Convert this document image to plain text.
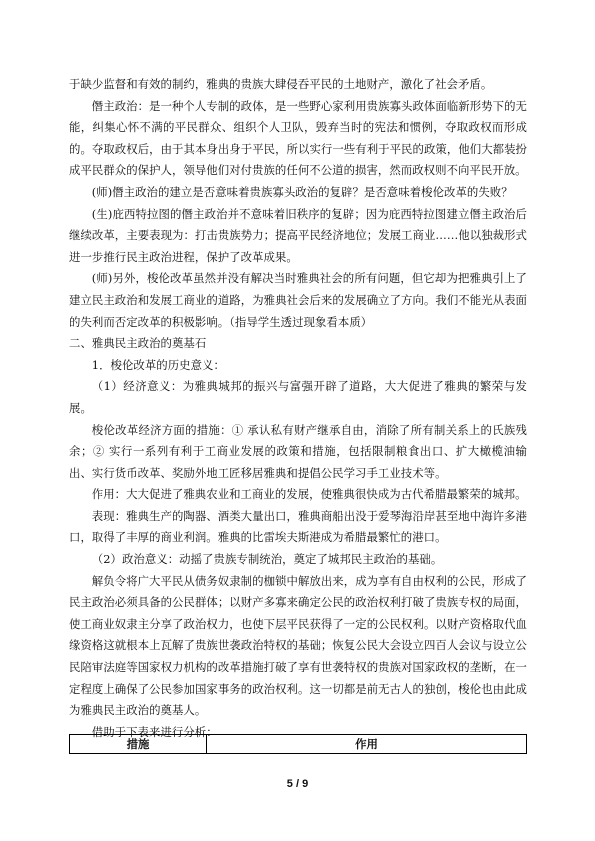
于缺少监督和有效的制约，雅典的贵族大肆侵吞平民的土地财产，激化了社会矛盾。

僭主政治：是一种个人专制的政体，是一些野心家利用贵族寡头政体面临新形势下的无能，纠集心怀不满的平民群众、组织个人卫队，毁弃当时的宪法和惯例，夺取政权而形成的。夺取政权后，由于其本身出身于平民，所以实行一些有利于平民的政策，他们大都装扮成平民群众的保护人，领导他们对付贵族的任何不公道的损害，然而政权则不向平民开放。

(师)僭主政治的建立是否意味着贵族寡头政治的复辟？是否意味着梭伦改革的失败？

(生)庇西特拉图的僭主政治并不意味着旧秩序的复辟；因为庇西特拉图建立僭主政治后继续改革，主要表现为：打击贵族势力；提高平民经济地位；发展工商业……他以独裁形式进一步推行民主政治进程，保护了改革成果。

(师)另外，梭伦改革虽然并没有解决当时雅典社会的所有问题，但它却为把雅典引上了建立民主政治和发展工商业的道路，为雅典社会后来的发展确立了方向。我们不能光从表面的失利而否定改革的积极影响。（指导学生透过现象看本质）

二、雅典民主政治的奠基石

1．梭伦改革的历史意义：

（1）经济意义：为雅典城邦的振兴与富强开辟了道路，大大促进了雅典的繁荣与发展。

梭伦改革经济方面的措施：① 承认私有财产继承自由，消除了所有制关系上的氏族残余；② 实行一系列有利于工商业发展的政策和措施，包括限制粮食出口、扩大橄榄油输出、实行货币改革、奖励外地工匠移居雅典和提倡公民学习手工业技术等。

作用：大大促进了雅典农业和工商业的发展，使雅典很快成为古代希腊最繁荣的城邦。

表现：雅典生产的陶器、酒类大量出口，雅典商船出没于爱琴海沿岸甚至地中海许多港口，取得了丰厚的商业利润。雅典的比雷埃夫斯港成为希腊最繁忙的港口。

（2）政治意义：动摇了贵族专制统治，奠定了城邦民主政治的基础。

解负令将广大平民从债务奴隶制的枷锁中解放出来，成为享有自由权利的公民，形成了民主政治必须具备的公民群体；以财产多寡来确定公民的政治权利打破了贵族专权的局面，使工商业奴隶主分享了政治权力，也使下层平民获得了一定的公民权利。以财产资格取代血缘资格这就根本上瓦解了贵族世袭政治特权的基础；恢复公民大会设立四百人会议与设立公民陪审法庭等国家权力机构的改革措施打破了享有世袭特权的贵族对国家政权的垄断，在一定程度上确保了公民参加国家事务的政治权利。这一切都是前无古人的独创，梭伦也由此成为雅典民主政治的奠基人。

借助于下表来进行分析：

措施	作用
5 / 9
